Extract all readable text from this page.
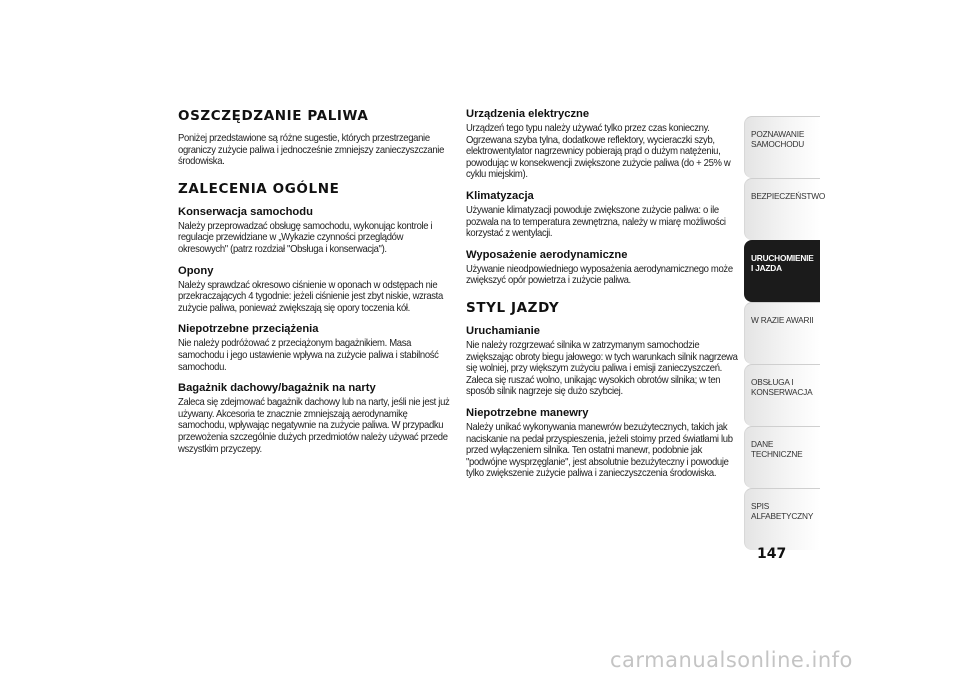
OSZCZĘDZANIE PALIWA

Poniżej przedstawione są różne sugestie, których przestrzeganie ograniczy zużycie paliwa i jednocześnie zmniejszy zanieczyszczanie środowiska.

ZALECENIA OGÓLNE
Konserwacja samochodu

Należy przeprowadzać obsługę samochodu, wykonując kontrole i regulacje przewidziane w „Wykazie czynności przeglądów okresowych" (patrz rozdział "Obsługa i konserwacja").

Opony

Należy sprawdzać okresowo ciśnienie w oponach w odstępach nie przekraczających 4 tygodnie: jeżeli ciśnienie jest zbyt niskie, wzrasta zużycie paliwa, ponieważ zwiększają się opory toczenia kół.

Niepotrzebne przeciążenia

Nie należy podróżować z przeciążonym bagażnikiem. Masa samochodu i jego ustawienie wpływa na zużycie paliwa i stabilność samochodu.

Bagażnik dachowy/bagażnik na narty

Zaleca się zdejmować bagażnik dachowy lub na narty, jeśli nie jest już używany. Akcesoria te znacznie zmniejszają aerodynamikę samochodu, wpływając negatywnie na zużycie paliwa. W przypadku przewożenia szczególnie dużych przedmiotów należy używać przede wszystkim przyczepy.

Urządzenia elektryczne

Urządzeń tego typu należy używać tylko przez czas konieczny. Ogrzewana szyba tylna, dodatkowe reflektory, wycieraczki szyb, elektrowentylator nagrzewnicy pobierają prąd o dużym natężeniu, powodując w konsekwencji zwiększone zużycie paliwa (do + 25% w cyklu miejskim).

Klimatyzacja

Używanie klimatyzacji powoduje zwiększone zużycie paliwa: o ile pozwala na to temperatura zewnętrzna, należy w miarę możliwości korzystać z wentylacji.

Wyposażenie aerodynamiczne

Używanie nieodpowiedniego wyposażenia aerodynamicznego może zwiększyć opór powietrza i zużycie paliwa.

STYL JAZDY
Uruchamianie

Nie należy rozgrzewać silnika w zatrzymanym samochodzie zwiększając obroty biegu jałowego: w tych warunkach silnik nagrzewa się wolniej, przy większym zużyciu paliwa i emisji zanieczyszczeń. Zaleca się ruszać wolno, unikając wysokich obrotów silnika; w ten sposób silnik nagrzeje się dużo szybciej.

Niepotrzebne manewry

Należy unikać wykonywania manewrów bezużytecznych, takich jak naciskanie na pedał przyspieszenia, jeżeli stoimy przed światłami lub przed wyłączeniem silnika. Ten ostatni manewr, podobnie jak "podwójne wysprzęglanie", jest absolutnie bezużyteczny i powoduje tylko zwiększenie zużycie paliwa i zanieczyszczenia środowiska.

POZNAWANIE SAMOCHODU
BEZPIECZEŃSTWO
URUCHOMIENIE I JAZDA
W RAZIE AWARII
OBSŁUGA I KONSERWACJA
DANE TECHNICZNE
SPIS ALFABETYCZNY
147
carmanualsonline.info
